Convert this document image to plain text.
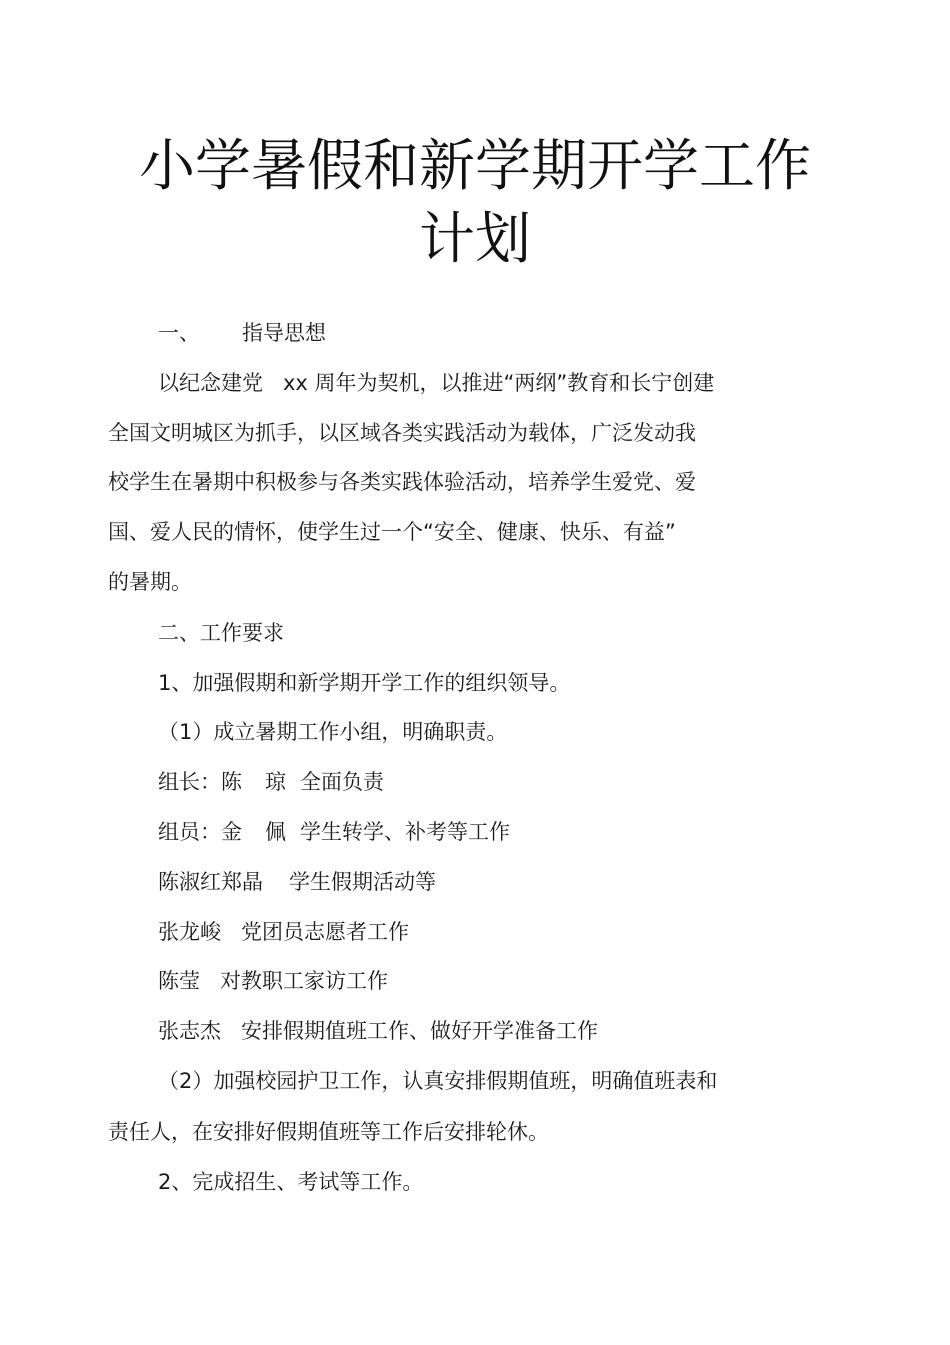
小学暑假和新学期开学工作
计划
一、 指导思想
以纪念建党 xx 周年为契机，以推进“两纲”教育和长宁创建
全国文明城区为抓手，以区域各类实践活动为载体，广泛发动我
校学生在暑期中积极参与各类实践体验活动，培养学生爱党、爱
国、爱人民的情怀，使学生过一个“安全、健康、快乐、有益”
的暑期。
二、工作要求
1、加强假期和新学期开学工作的组织领导。
（1）成立暑期工作小组，明确职责。
组长：陈 琼 全面负责
组员：金 佩 学生转学、补考等工作
陈淑红郑晶 学生假期活动等
张龙峻 党团员志愿者工作
陈莹 对教职工家访工作
张志杰 安排假期值班工作、做好开学准备工作
（2）加强校园护卫工作，认真安排假期值班，明确值班表和
责任人，在安排好假期值班等工作后安排轮休。
2、完成招生、考试等工作。
